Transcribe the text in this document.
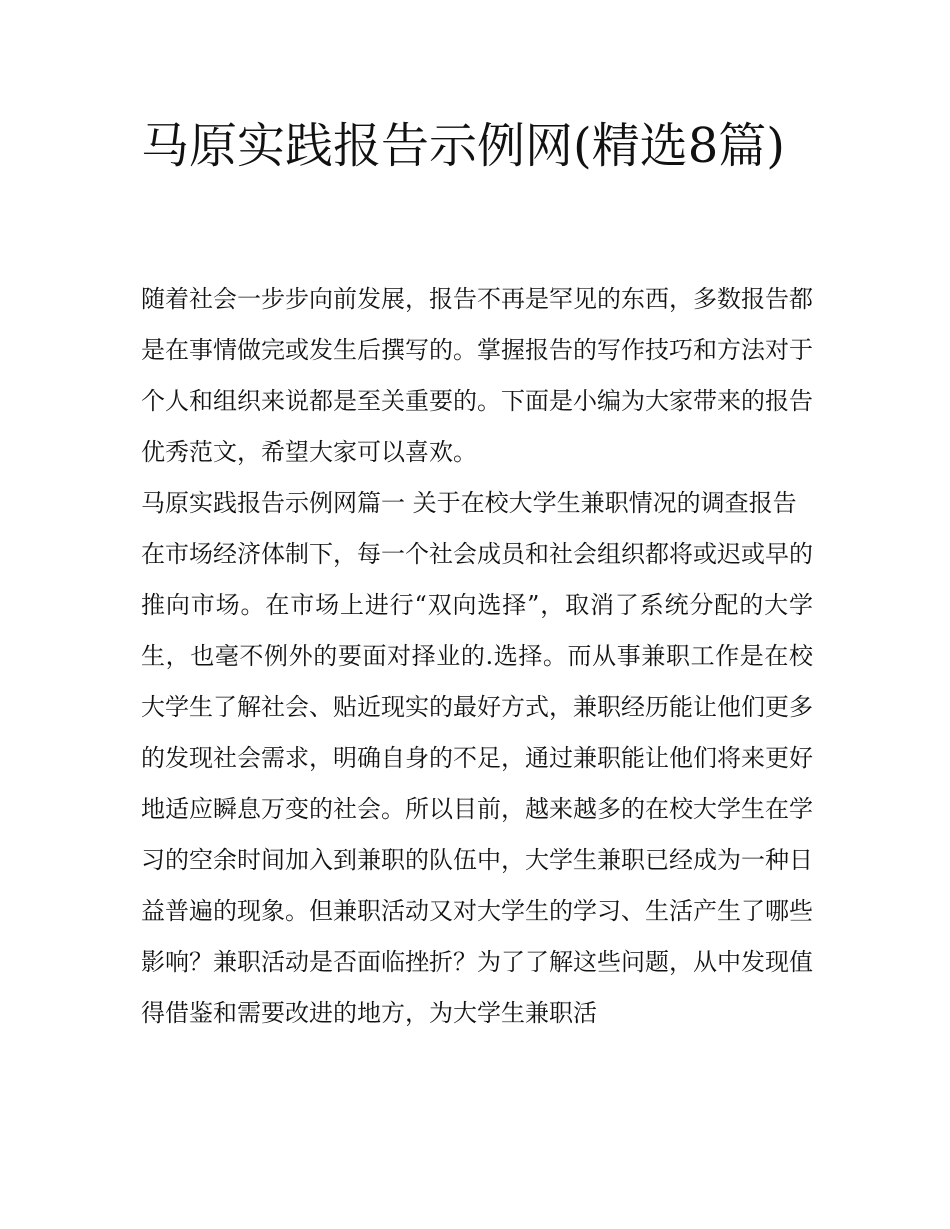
马原实践报告示例网(精选8篇)

随着社会一步步向前发展，报告不再是罕见的东西，多数报告都是在事情做完或发生后撰写的。掌握报告的写作技巧和方法对于个人和组织来说都是至关重要的。下面是小编为大家带来的报告优秀范文，希望大家可以喜欢。

马原实践报告示例网篇一 关于在校大学生兼职情况的调查报告

在市场经济体制下，每一个社会成员和社会组织都将或迟或早的推向市场。在市场上进行“双向选择”，取消了系统分配的大学生，也毫不例外的要面对择业的.选择。而从事兼职工作是在校大学生了解社会、贴近现实的最好方式，兼职经历能让他们更多的发现社会需求，明确自身的不足，通过兼职能让他们将来更好地适应瞬息万变的社会。所以目前，越来越多的在校大学生在学习的空余时间加入到兼职的队伍中，大学生兼职已经成为一种日益普遍的现象。但兼职活动又对大学生的学习、生活产生了哪些影响？兼职活动是否面临挫折？为了了解这些问题，从中发现值得借鉴和需要改进的地方，为大学生兼职活
